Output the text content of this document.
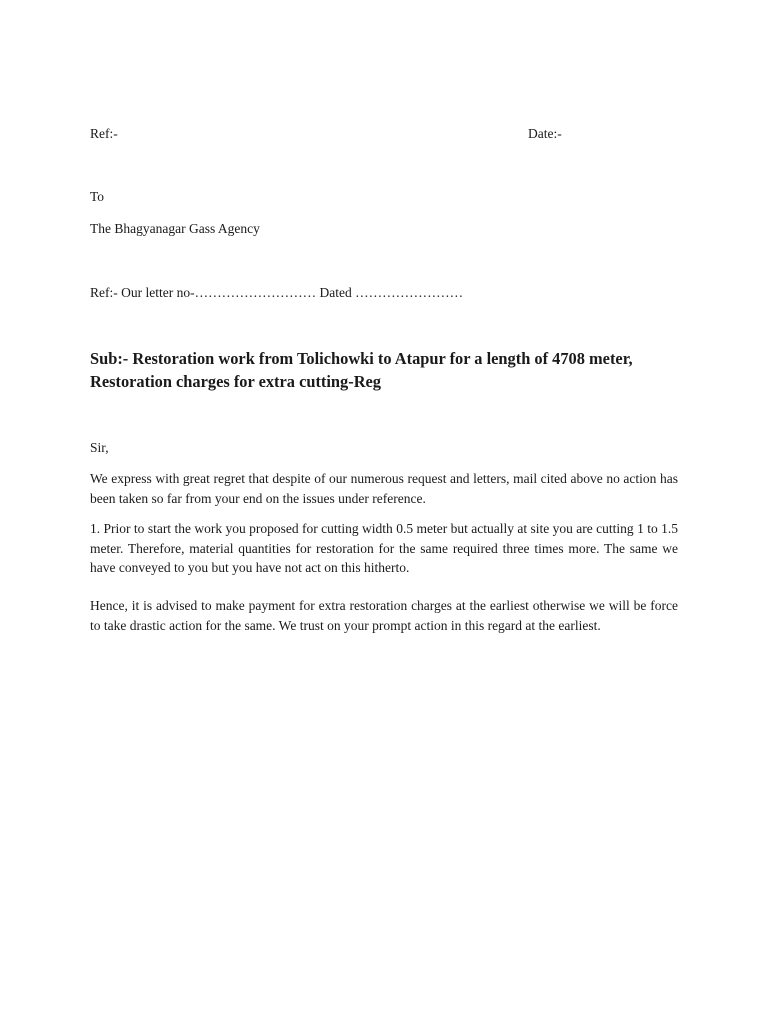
Ref:-	Date:-
To
The Bhagyanagar Gass Agency
Ref:- Our letter no-……………………… Dated ……………………
Sub:- Restoration work from Tolichowki to Atapur for a length of 4708 meter, Restoration charges for extra cutting-Reg
Sir,
We express with great regret that despite of our numerous request and letters, mail cited above no action has been taken so far from your end on the issues under reference.
1. Prior to start the work you proposed for cutting width 0.5 meter but actually at site you are cutting 1 to 1.5 meter. Therefore, material quantities for restoration for the same required three times more. The same we have conveyed to you but you have not act on this hitherto.
Hence, it is advised to make payment for extra restoration charges at the earliest otherwise we will be force to take drastic action for the same. We trust on your prompt action in this regard at the earliest.
